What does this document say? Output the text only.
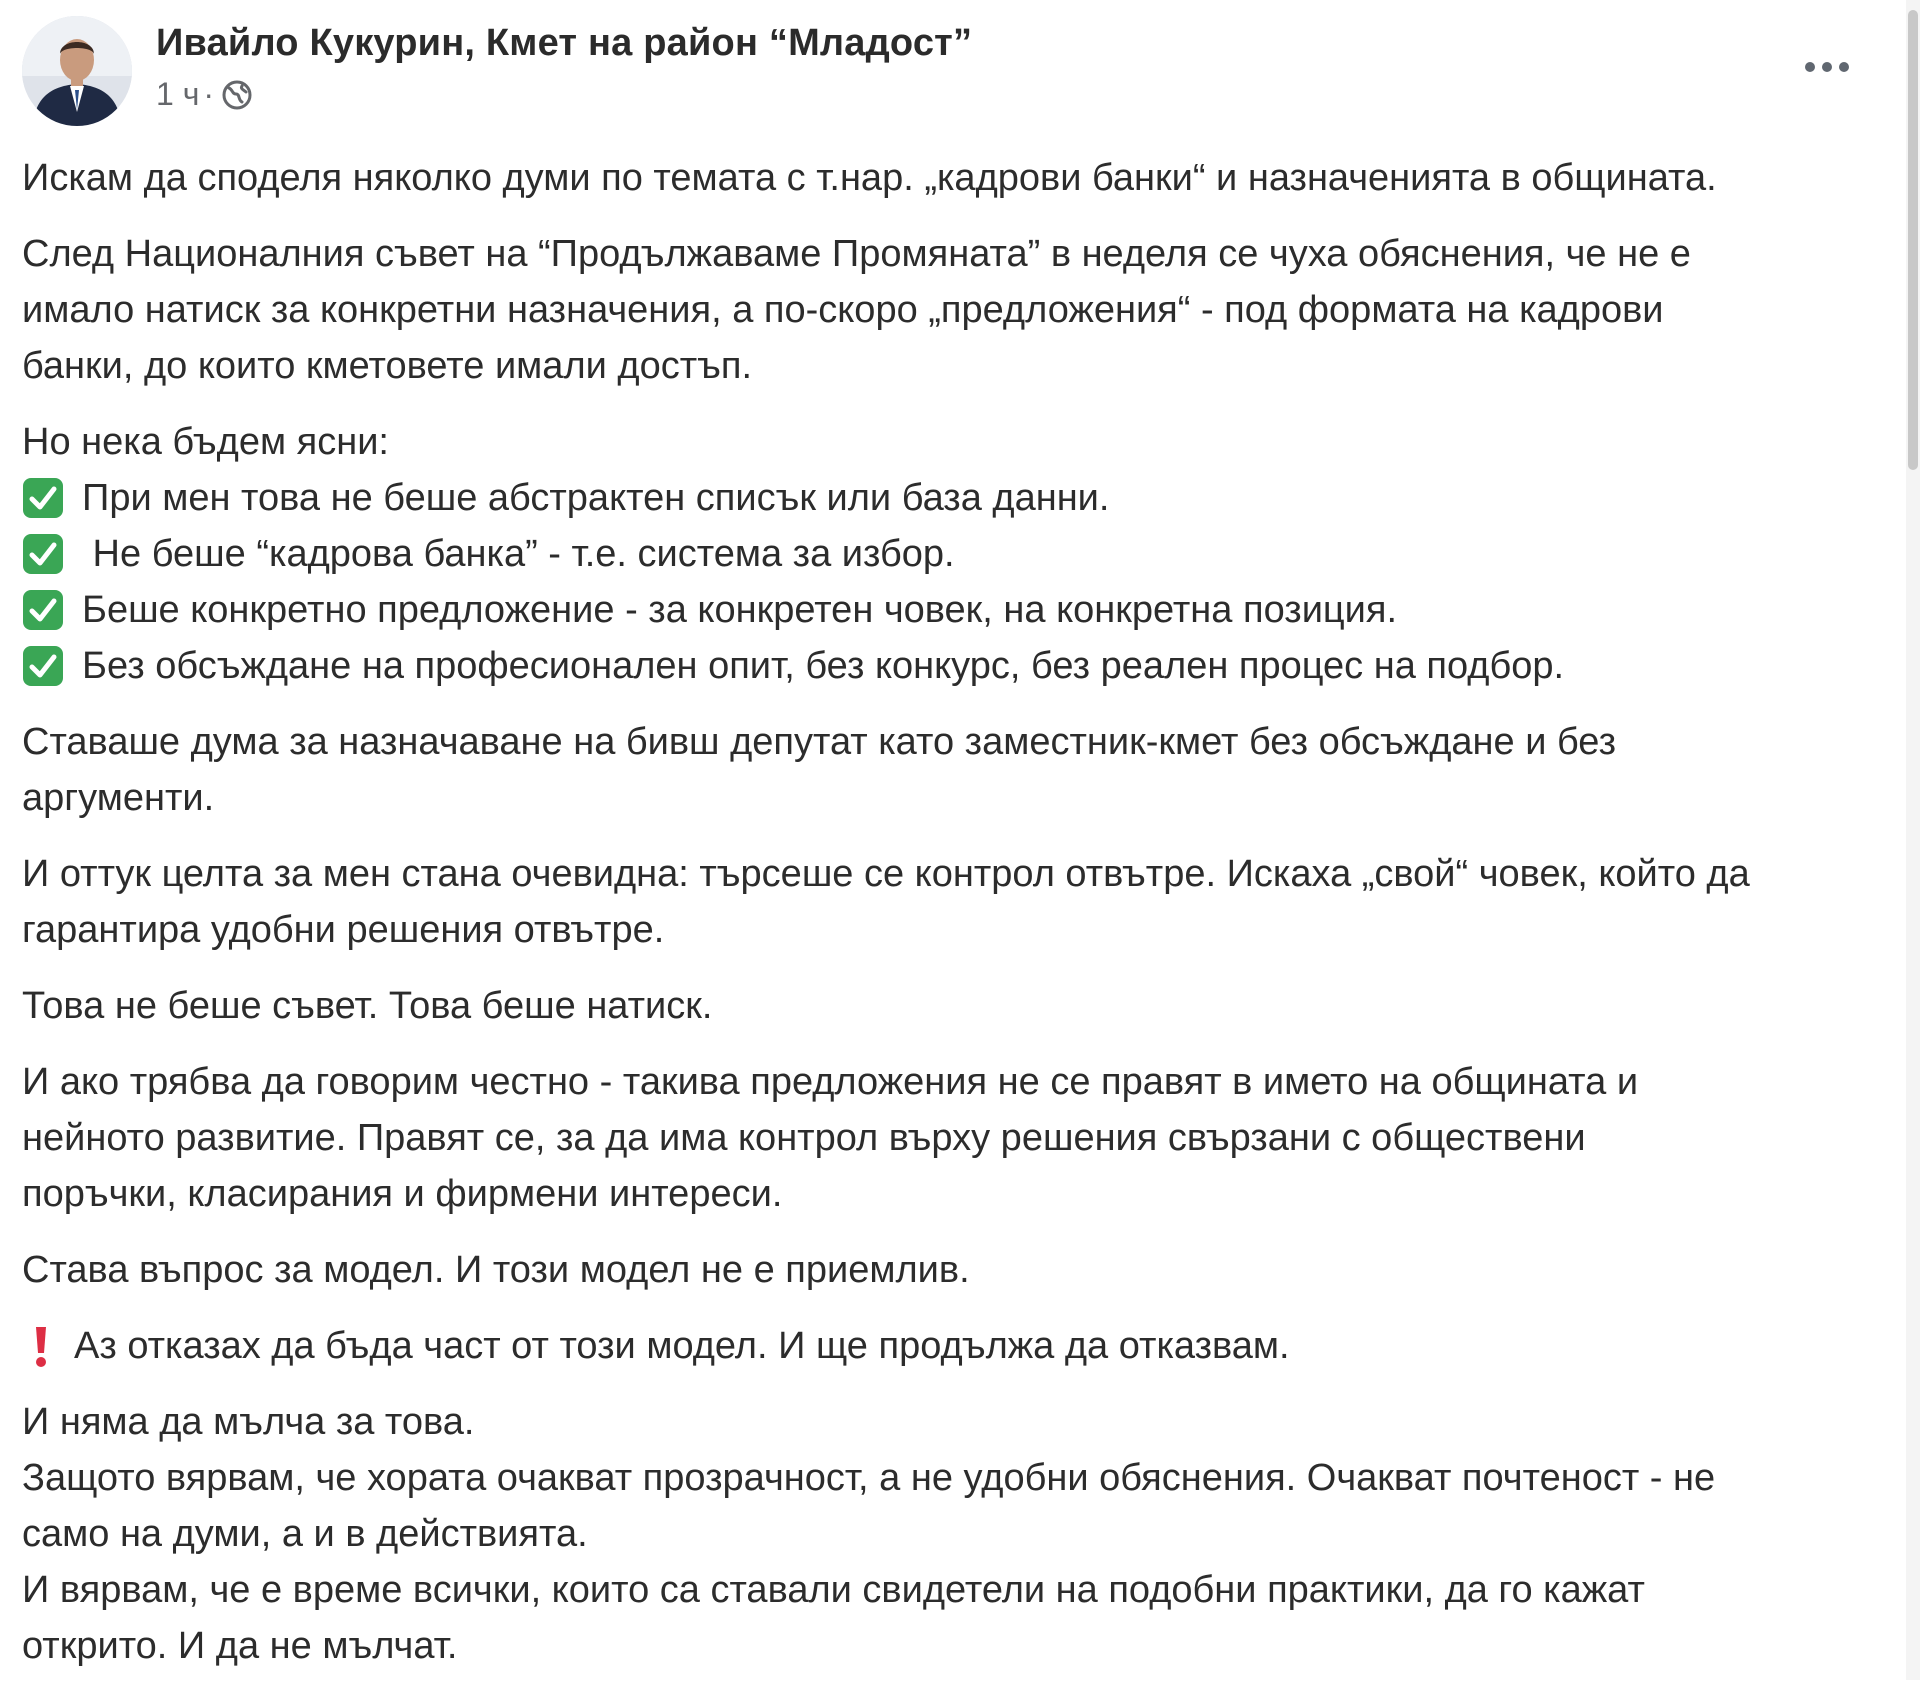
Ивайло Кукурин, Кмет на район “Младост”
1 ч ·
Искам да споделя няколко думи по темата с т.нар. „кадрови банки“ и назначенията в общината.
След Националния съвет на “Продължаваме Промяната” в неделя се чуха обяснения, че не е
имало натиск за конкретни назначения, а по-скоро „предложения“ - под формата на кадрови
банки, до които кметовете имали достъп.
Но нека бъдем ясни:
При мен това не беше абстрактен списък или база данни.
Не беше “кадрова банка” - т.е. система за избор.
Беше конкретно предложение - за конкретен човек, на конкретна позиция.
Без обсъждане на професионален опит, без конкурс, без реален процес на подбор.
Ставаше дума за назначаване на бивш депутат като заместник-кмет без обсъждане и без
аргументи.
И оттук целта за мен стана очевидна: търсеше се контрол отвътре. Искаха „свой“ човек, който да
гарантира удобни решения отвътре.
Това не беше съвет. Това беше натиск.
И ако трябва да говорим честно - такива предложения не се правят в името на общината и
нейното развитие. Правят се, за да има контрол върху решения свързани с обществени
поръчки, класирания и фирмени интереси.
Става въпрос за модел. И този модел не е приемлив.
Аз отказах да бъда част от този модел. И ще продължа да отказвам.
И няма да мълча за това.
Защото вярвам, че хората очакват прозрачност, а не удобни обяснения. Очакват почтеност - не
само на думи, а и в действията.
И вярвам, че е време всички, които са ставали свидетели на подобни практики, да го кажат
открито. И да не мълчат.
